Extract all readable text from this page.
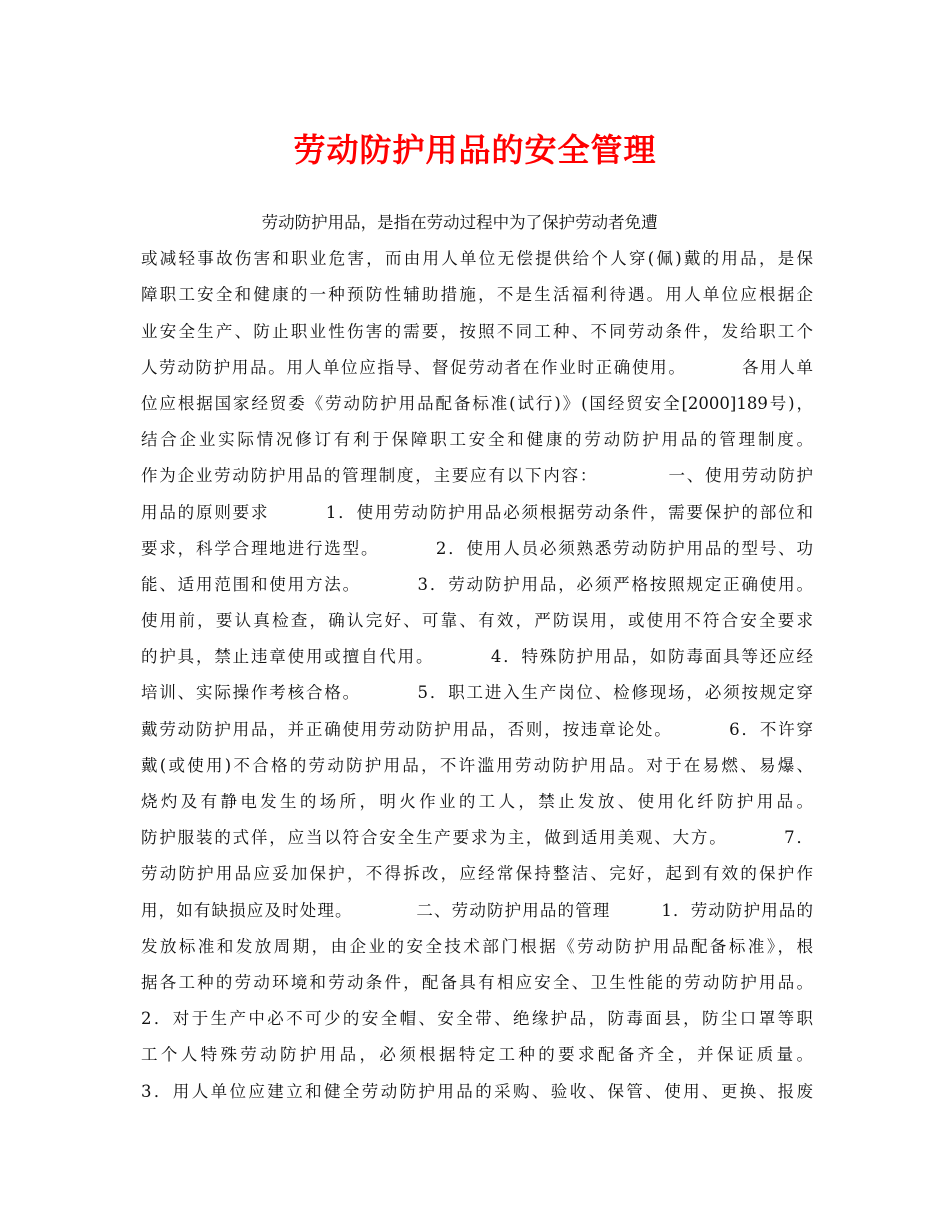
劳动防护用品的安全管理
劳动防护用品，是指在劳动过程中为了保护劳动者免遭
或减轻事故伤害和职业危害，而由用人单位无偿提供给个人穿(佩)戴的用品，是保
障职工安全和健康的一种预防性辅助措施，不是生活福利待遇。用人单位应根据企
业安全生产、防止职业性伤害的需要，按照不同工种、不同劳动条件，发给职工个
人劳动防护用品。用人单位应指导、督促劳动者在作业时正确使用。        各用人单
位应根据国家经贸委《劳动防护用品配备标准(试行)》(国经贸安全[2000]189号)，
结合企业实际情况修订有利于保障职工安全和健康的劳动防护用品的管理制度。
作为企业劳动防护用品的管理制度，主要应有以下内容：          一、使用劳动防护
用品的原则要求        1．使用劳动防护用品必须根据劳动条件，需要保护的部位和
要求，科学合理地进行选型。        2．使用人员必须熟悉劳动防护用品的型号、功
能、适用范围和使用方法。        3．劳动防护用品，必须严格按照规定正确使用。
使用前，要认真检查，确认完好、可靠、有效，严防误用，或使用不符合安全要求
的护具，禁止违章使用或擅自代用。        4．特殊防护用品，如防毒面具等还应经
培训、实际操作考核合格。        5．职工进入生产岗位、检修现场，必须按规定穿
戴劳动防护用品，并正确使用劳动防护用品，否则，按违章论处。        6．不许穿
戴(或使用)不合格的劳动防护用品，不许滥用劳动防护用品。对于在易燃、易爆、
烧灼及有静电发生的场所，明火作业的工人，禁止发放、使用化纤防护用品。
防护服装的式佯，应当以符合安全生产要求为主，做到适用美观、大方。        7．
劳动防护用品应妥加保护，不得拆改，应经常保持整洁、完好，起到有效的保护作
用，如有缺损应及时处理。          二、劳动防护用品的管理        1．劳动防护用品的
发放标准和发放周期，由企业的安全技术部门根据《劳动防护用品配备标准》，根
据各工种的劳动环境和劳动条件，配备具有相应安全、卫生性能的劳动防护用品。
2．对于生产中必不可少的安全帽、安全带、绝缘护品，防毒面县，防尘口罩等职
工个人特殊劳动防护用品，必须根据特定工种的要求配备齐全，并保证质量。
3．用人单位应建立和健全劳动防护用品的采购、验收、保管、使用、更换、报废
